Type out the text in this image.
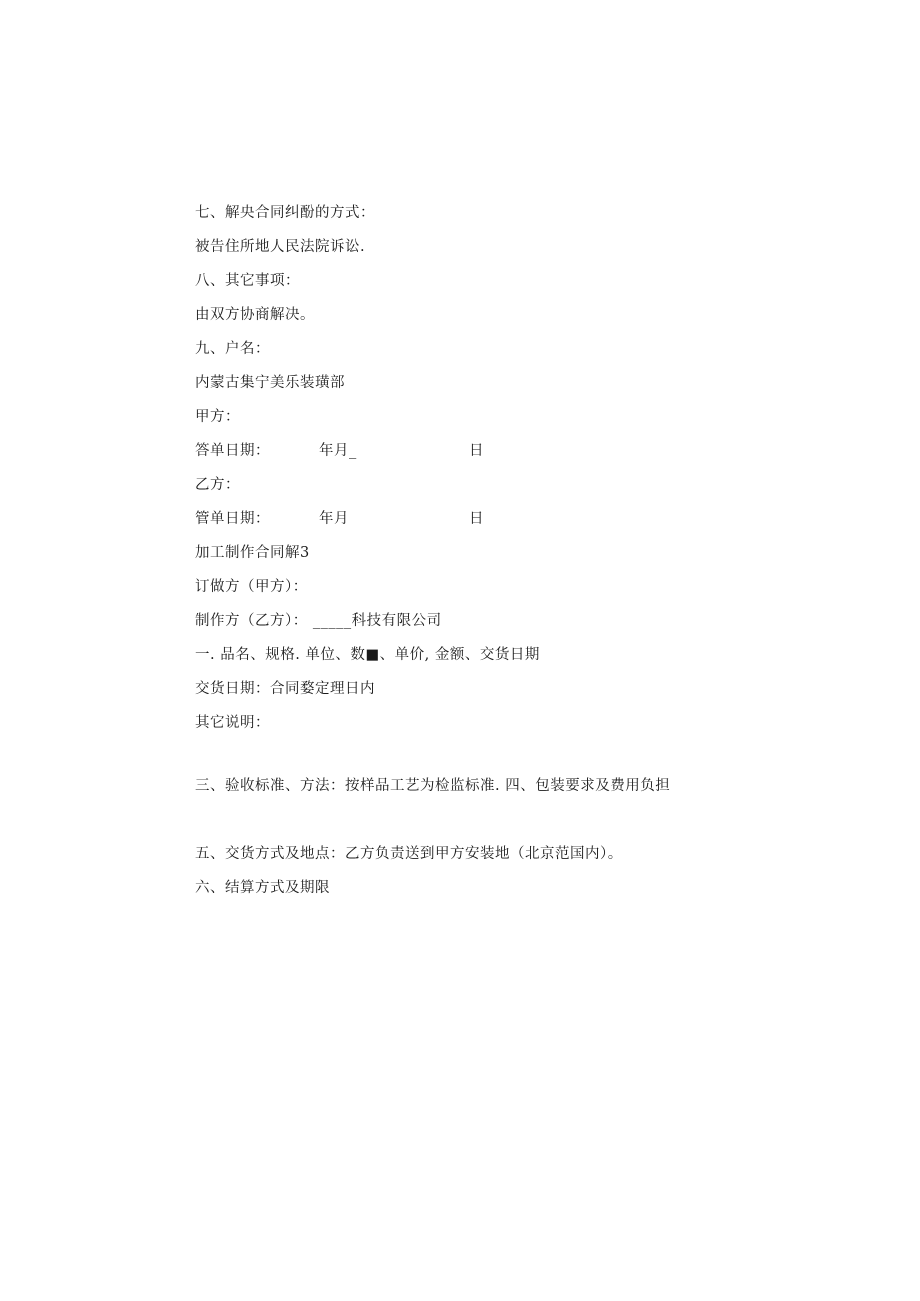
七、解央合同纠酚的方式：
被告住所地人民法院诉讼.
八、其它事项：
由双方协商解决。
九、户名：
内蒙古集宁美乐装璜部
甲方：
答单日期：	年月_	日
乙方：
管单日期：	年月	日
加工制作合同解3
订做方（甲方）：
制作方（乙方）： _____科技有限公司
一. 品名、规格. 单位、数■、单价, 金额、交货日期
交货日期：合同婺定理日内
其它说明：
三、验收标准、方法：按样品工艺为检监标准. 四、包装要求及费用负担
五、交货方式及地点：乙方负责送到甲方安装地（北京范国内）。
六、结算方式及期限
